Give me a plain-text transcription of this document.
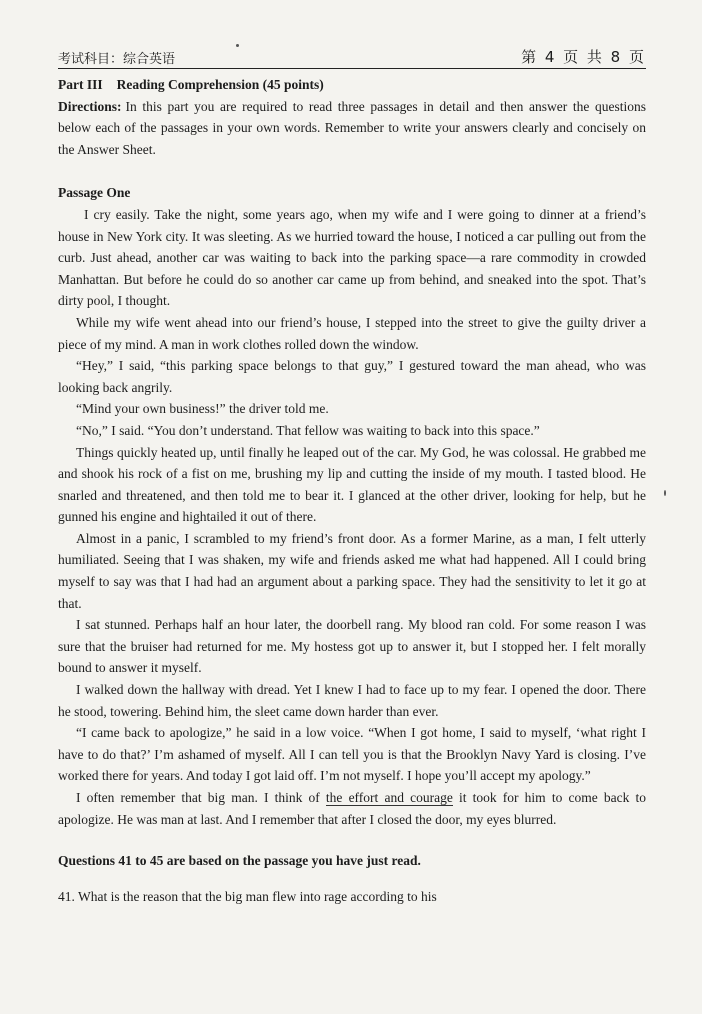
考试科目：综合英语	第 4 页 共 8 页

Part III Reading Comprehension (45 points)

Directions: In this part you are required to read three passages in detail and then answer the questions below each of the passages in your own words. Remember to write your answers clearly and concisely on the Answer Sheet.

Passage One

I cry easily. Take the night, some years ago, when my wife and I were going to dinner at a friend’s house in New York city. It was sleeting. As we hurried toward the house, I noticed a car pulling out from the curb. Just ahead, another car was waiting to back into the parking space—a rare commodity in crowded Manhattan. But before he could do so another car came up from behind, and sneaked into the spot. That’s dirty pool, I thought.

While my wife went ahead into our friend’s house, I stepped into the street to give the guilty driver a piece of my mind. A man in work clothes rolled down the window.

“Hey,” I said, “this parking space belongs to that guy,” I gestured toward the man ahead, who was looking back angrily.

“Mind your own business!” the driver told me.

“No,” I said. “You don’t understand. That fellow was waiting to back into this space.”

Things quickly heated up, until finally he leaped out of the car. My God, he was colossal. He grabbed me and shook his rock of a fist on me, brushing my lip and cutting the inside of my mouth. I tasted blood. He snarled and threatened, and then told me to bear it. I glanced at the other driver, looking for help, but he gunned his engine and hightailed it out of there.

Almost in a panic, I scrambled to my friend’s front door. As a former Marine, as a man, I felt utterly humiliated. Seeing that I was shaken, my wife and friends asked me what had happened. All I could bring myself to say was that I had had an argument about a parking space. They had the sensitivity to let it go at that.

I sat stunned. Perhaps half an hour later, the doorbell rang. My blood ran cold. For some reason I was sure that the bruiser had returned for me. My hostess got up to answer it, but I stopped her. I felt morally bound to answer it myself.

I walked down the hallway with dread. Yet I knew I had to face up to my fear. I opened the door. There he stood, towering. Behind him, the sleet came down harder than ever.

“I came back to apologize,” he said in a low voice. “When I got home, I said to myself, ‘what right I have to do that?’ I’m ashamed of myself. All I can tell you is that the Brooklyn Navy Yard is closing. I’ve worked there for years. And today I got laid off. I’m not myself. I hope you’ll accept my apology.”

I often remember that big man. I think of the effort and courage it took for him to come back to apologize. He was man at last. And I remember that after I closed the door, my eyes blurred.

Questions 41 to 45 are based on the passage you have just read.

41. What is the reason that the big man flew into rage according to his
